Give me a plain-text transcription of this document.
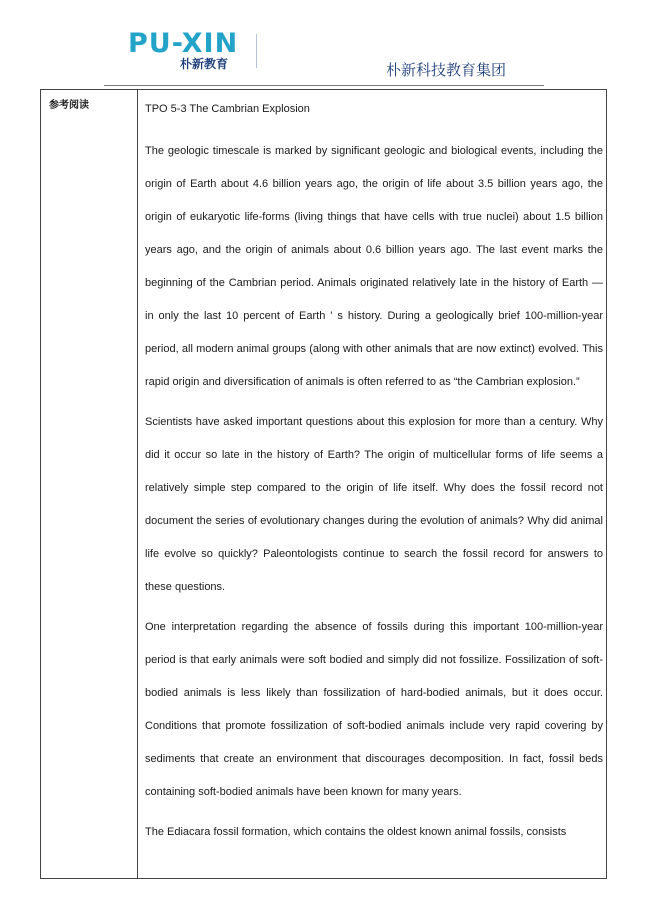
PU-XIN
朴新教育	朴新科技教育集团
参考阅读	TPO 5-3 The Cambrian Explosion

The geologic timescale is marked by significant geologic and biological events, including the origin of Earth about 4.6 billion years ago, the origin of life about 3.5 billion years ago, the origin of eukaryotic life-forms (living things that have cells with true nuclei) about 1.5 billion years ago, and the origin of animals about 0.6 billion years ago. The last event marks the beginning of the Cambrian period. Animals originated relatively late in the history of Earth — in only the last 10 percent of Earth ' s history. During a geologically brief 100-million-year period, all modern animal groups (along with other animals that are now extinct) evolved. This rapid origin and diversification of animals is often referred to as “the Cambrian explosion.”

Scientists have asked important questions about this explosion for more than a century. Why did it occur so late in the history of Earth? The origin of multicellular forms of life seems a relatively simple step compared to the origin of life itself. Why does the fossil record not document the series of evolutionary changes during the evolution of animals? Why did animal life evolve so quickly? Paleontologists continue to search the fossil record for answers to these questions.

One interpretation regarding the absence of fossils during this important 100-million-year period is that early animals were soft bodied and simply did not fossilize. Fossilization of soft-bodied animals is less likely than fossilization of hard-bodied animals, but it does occur. Conditions that promote fossilization of soft-bodied animals include very rapid covering by sediments that create an environment that discourages decomposition. In fact, fossil beds containing soft-bodied animals have been known for many years.

The Ediacara fossil formation, which contains the oldest known animal fossils, consists
